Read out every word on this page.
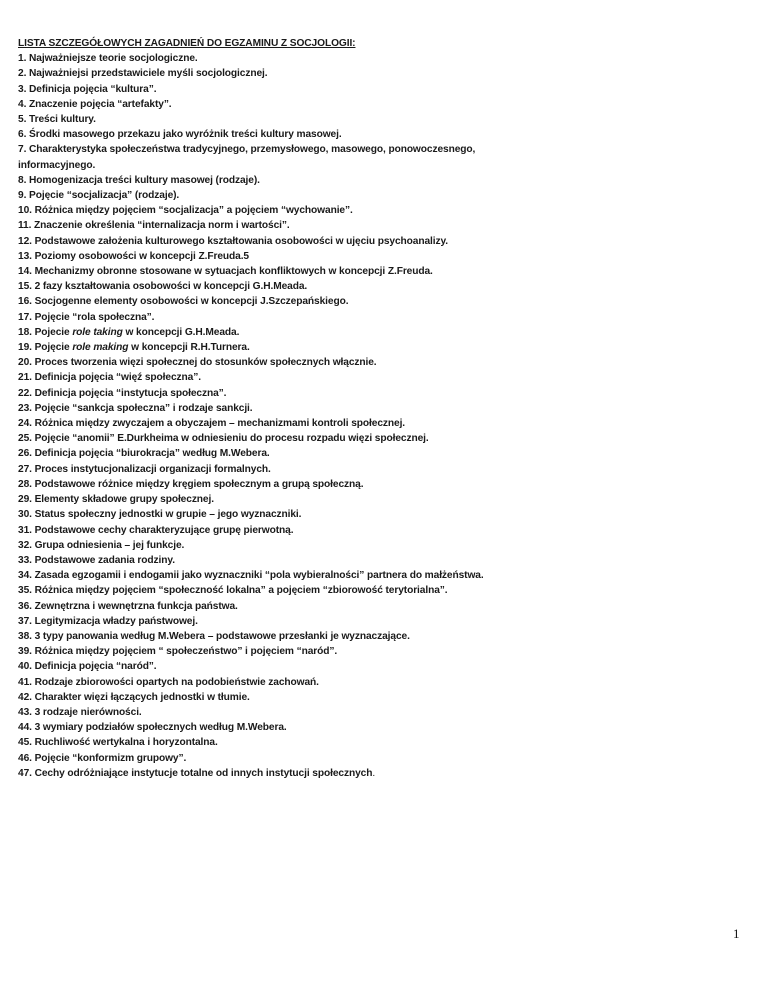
LISTA SZCZEGÓŁOWYCH ZAGADNIEŃ DO EGZAMINU Z SOCJOLOGII:
1. Najważniejsze teorie socjologiczne.
2. Najważniejsi przedstawiciele myśli socjologicznej.
3. Definicja pojęcia “kultura”.
4. Znaczenie pojęcia “artefakty”.
5. Treści kultury.
6. Środki masowego przekazu jako wyróżnik treści kultury masowej.
7. Charakterystyka społeczeństwa tradycyjnego, przemysłowego, masowego, ponowoczesnego, informacyjnego.
8. Homogenizacja treści kultury masowej (rodzaje).
9. Pojęcie “socjalizacja” (rodzaje).
10. Różnica między pojęciem “socjalizacja” a pojęciem “wychowanie”.
11. Znaczenie określenia “internalizacja norm i wartości”.
12. Podstawowe założenia kulturowego kształtowania osobowości w ujęciu psychoanalizy.
13. Poziomy osobowości w koncepcji Z.Freuda.5
14. Mechanizmy obronne stosowane w sytuacjach konfliktowych w koncepcji Z.Freuda.
15. 2 fazy kształtowania osobowości w koncepcji G.H.Meada.
16. Socjogenne elementy osobowości w koncepcji J.Szczepańskiego.
17. Pojęcie “rola społeczna”.
18. Pojecie role taking w koncepcji G.H.Meada.
19. Pojęcie role making w koncepcji R.H.Turnera.
20. Proces tworzenia więzi społecznej do stosunków społecznych włącznie.
21. Definicja pojęcia “więź społeczna”.
22. Definicja pojęcia “instytucja społeczna”.
23. Pojęcie “sankcja społeczna” i rodzaje sankcji.
24. Różnica między zwyczajem a obyczajem – mechanizmami kontroli społecznej.
25. Pojęcie “anomii” E.Durkheima w odniesieniu do procesu rozpadu więzi społecznej.
26. Definicja pojęcia “biurokracja” według M.Webera.
27. Proces instytucjonalizacji organizacji formalnych.
28. Podstawowe różnice między kręgiem społecznym a grupą społeczną.
29. Elementy składowe grupy społecznej.
30. Status społeczny jednostki w grupie – jego wyznaczniki.
31. Podstawowe cechy charakteryzujące grupę pierwotną.
32. Grupa odniesienia – jej funkcje.
33. Podstawowe zadania rodziny.
34. Zasada egzogamii i endogamii jako wyznaczniki “pola wybieralności” partnera do małżeństwa.
35. Różnica między pojęciem “społeczność lokalna” a pojęciem “zbiorowość terytorialna”.
36. Zewnętrzna i wewnętrzna funkcja państwa.
37. Legitymizacja władzy państwowej.
38. 3 typy panowania według M.Webera – podstawowe przesłanki je wyznaczające.
39. Różnica między pojęciem “ społeczeństwo” i pojęciem “naród”.
40. Definicja pojęcia “naród”.
41. Rodzaje zbiorowości opartych na podobieństwie zachowań.
42. Charakter więzi łączących jednostki w tłumie.
43. 3 rodzaje nierówności.
44. 3 wymiary podziałów społecznych według M.Webera.
45. Ruchliwość wertykalna i horyzontalna.
46. Pojęcie “konformizm grupowy”.
47. Cechy odróżniające instytucje totalne od innych instytucji społecznych.
1
